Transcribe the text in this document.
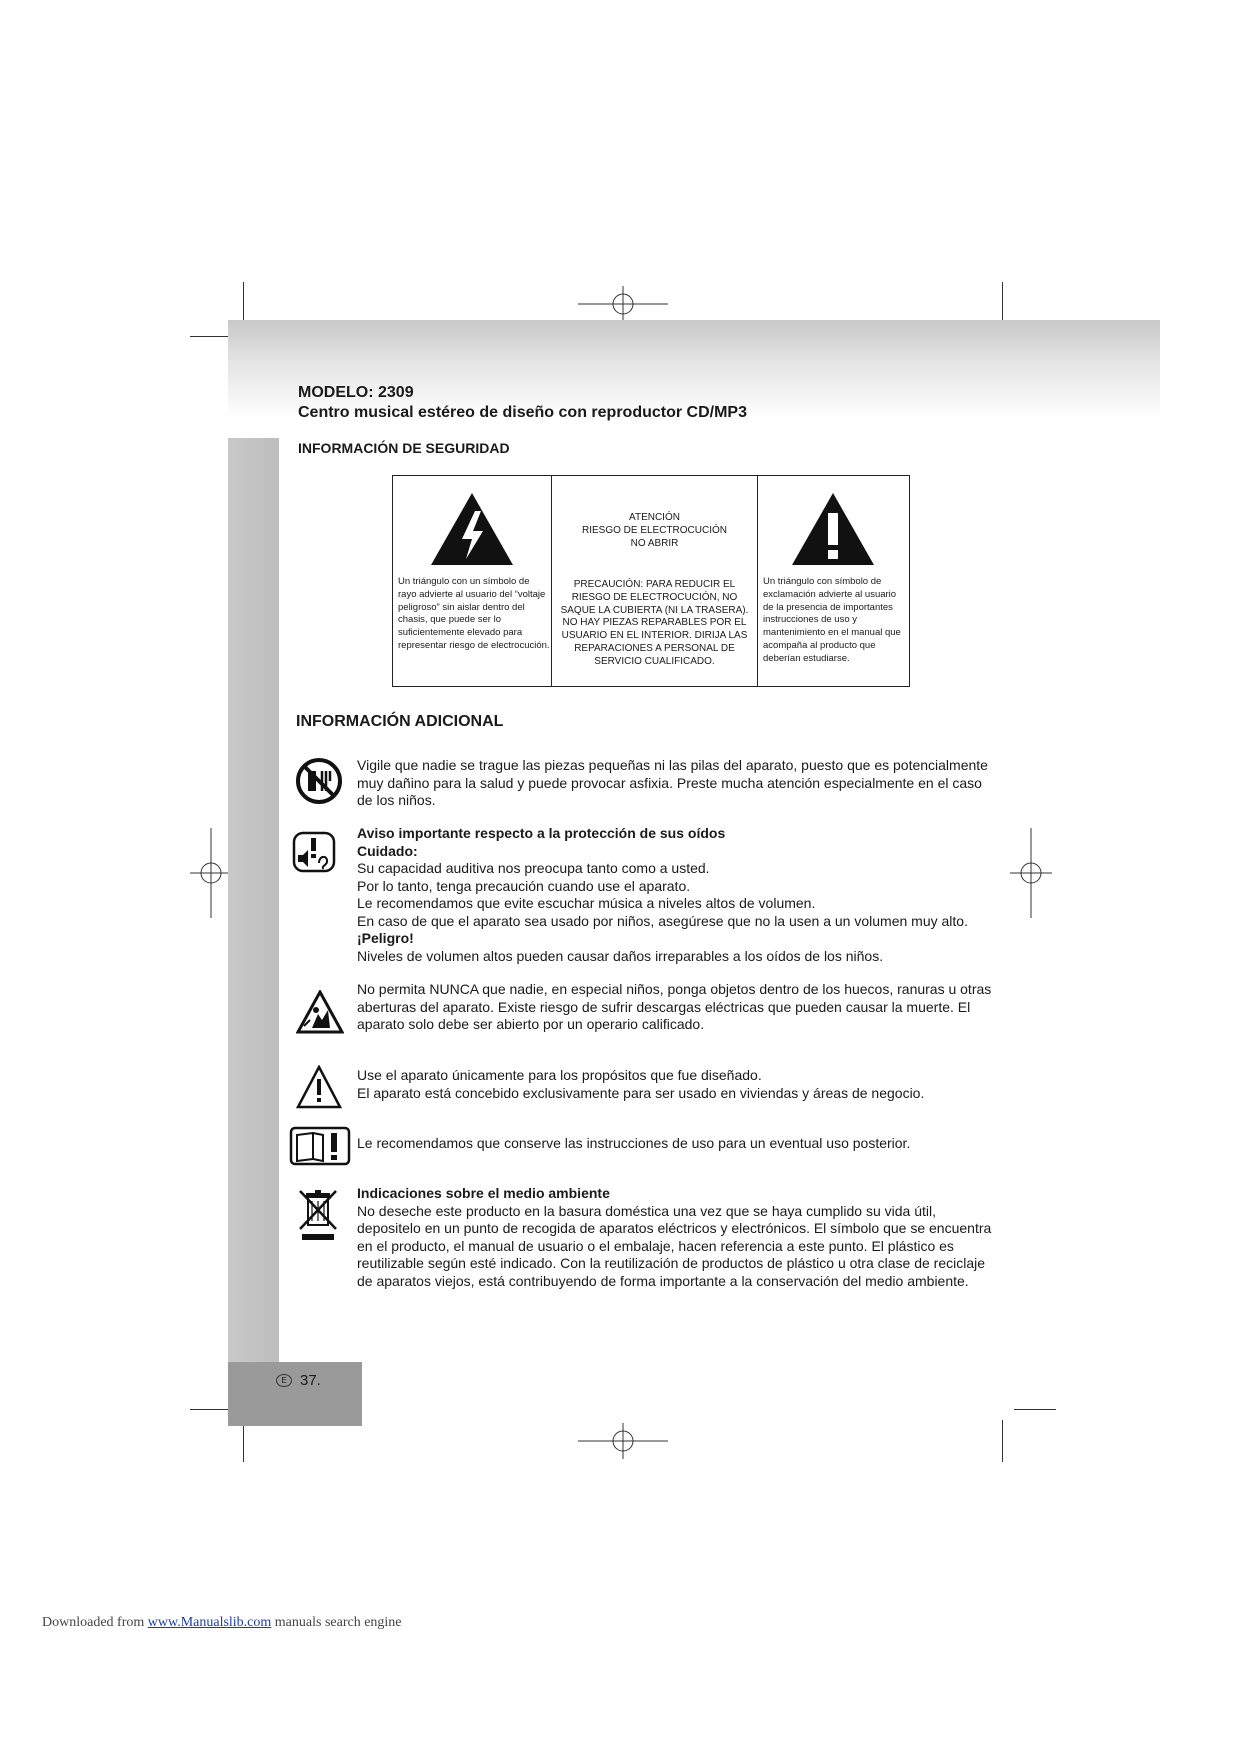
MODELO: 2309
Centro musical estéreo de diseño con reproductor CD/MP3
INFORMACIÓN DE SEGURIDAD
Un triángulo con un símbolo de rayo advierte al usuario del “voltaje peligroso” sin aislar dentro del chasis, que puede ser lo suficientemente elevado para representar riesgo de electrocución.
ATENCIÓN
RIESGO DE ELECTROCUCIÓN
NO ABRIR
PRECAUCIÓN: PARA REDUCIR EL RIESGO DE ELECTROCUCIÓN, NO SAQUE LA CUBIERTA (NI LA TRASERA). NO HAY PIEZAS REPARABLES POR EL USUARIO EN EL INTERIOR. DIRIJA LAS REPARACIONES A PERSONAL DE SERVICIO CUALIFICADO.
Un triángulo con símbolo de exclamación advierte al usuario de la presencia de importantes instrucciones de uso y mantenimiento en el manual que acompaña al producto que deberían estudiarse.
INFORMACIÓN ADICIONAL
Vigile que nadie se trague las piezas pequeñas ni las pilas del aparato, puesto que es potencialmente muy dañino para la salud y puede provocar asfixia. Preste mucha atención especialmente en el caso de los niños.
Aviso importante respecto a la protección de sus oídos
Cuidado:
Su capacidad auditiva nos preocupa tanto como a usted.
Por lo tanto, tenga precaución cuando use el aparato.
Le recomendamos que evite escuchar música a niveles altos de volumen.
En caso de que el aparato sea usado por niños, asegúrese que no la usen a un volumen muy alto.
¡Peligro!
Niveles de volumen altos pueden causar daños irreparables a los oídos de los niños.
No permita NUNCA que nadie, en especial niños, ponga objetos dentro de los huecos, ranuras u otras aberturas del aparato. Existe riesgo de sufrir descargas eléctricas que pueden causar la muerte. El aparato solo debe ser abierto por un operario calificado.
Use el aparato únicamente para los propósitos que fue diseñado.
El aparato está concebido exclusivamente para ser usado en viviendas y áreas de negocio.
Le recomendamos que conserve las instrucciones de uso para un eventual uso posterior.
Indicaciones sobre el medio ambiente
No deseche este producto en la basura doméstica una vez que se haya cumplido su vida útil, depositelo en un punto de recogida de aparatos eléctricos y electrónicos. El símbolo que se encuentra en el producto, el manual de usuario o el embalaje, hacen referencia a este punto. El plástico es reutilizable según esté indicado. Con la reutilización de productos de plástico u otra clase de reciclaje de aparatos viejos, está contribuyendo de forma importante a la conservación del medio ambiente.
E 37.
Downloaded from www.Manualslib.com manuals search engine
